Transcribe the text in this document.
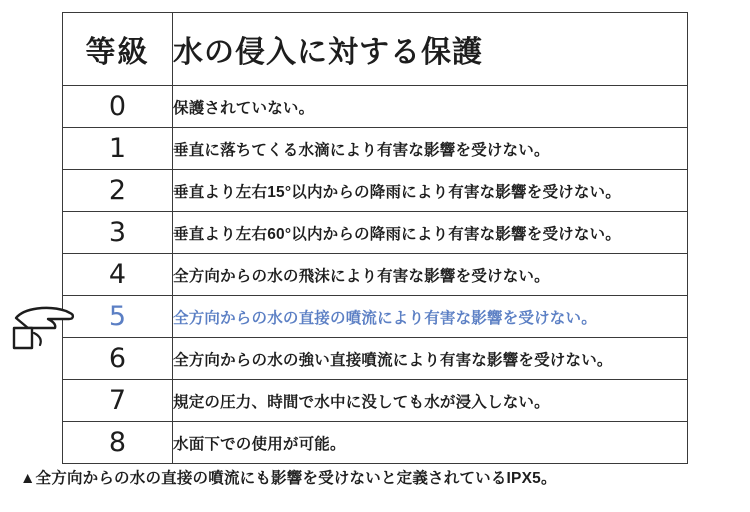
等級	水の侵入に対する保護
0	保護されていない。
1	垂直に落ちてくる水滴により有害な影響を受けない。
2	垂直より左右15°以内からの降雨により有害な影響を受けない。
3	垂直より左右60°以内からの降雨により有害な影響を受けない。
4	全方向からの水の飛沫により有害な影響を受けない。
5	全方向からの水の直接の噴流により有害な影響を受けない。
6	全方向からの水の強い直接噴流により有害な影響を受けない。
7	規定の圧力、時間で水中に没しても水が浸入しない。
8	水面下での使用が可能。
▲全方向からの水の直接の噴流にも影響を受けないと定義されているIPX5。
